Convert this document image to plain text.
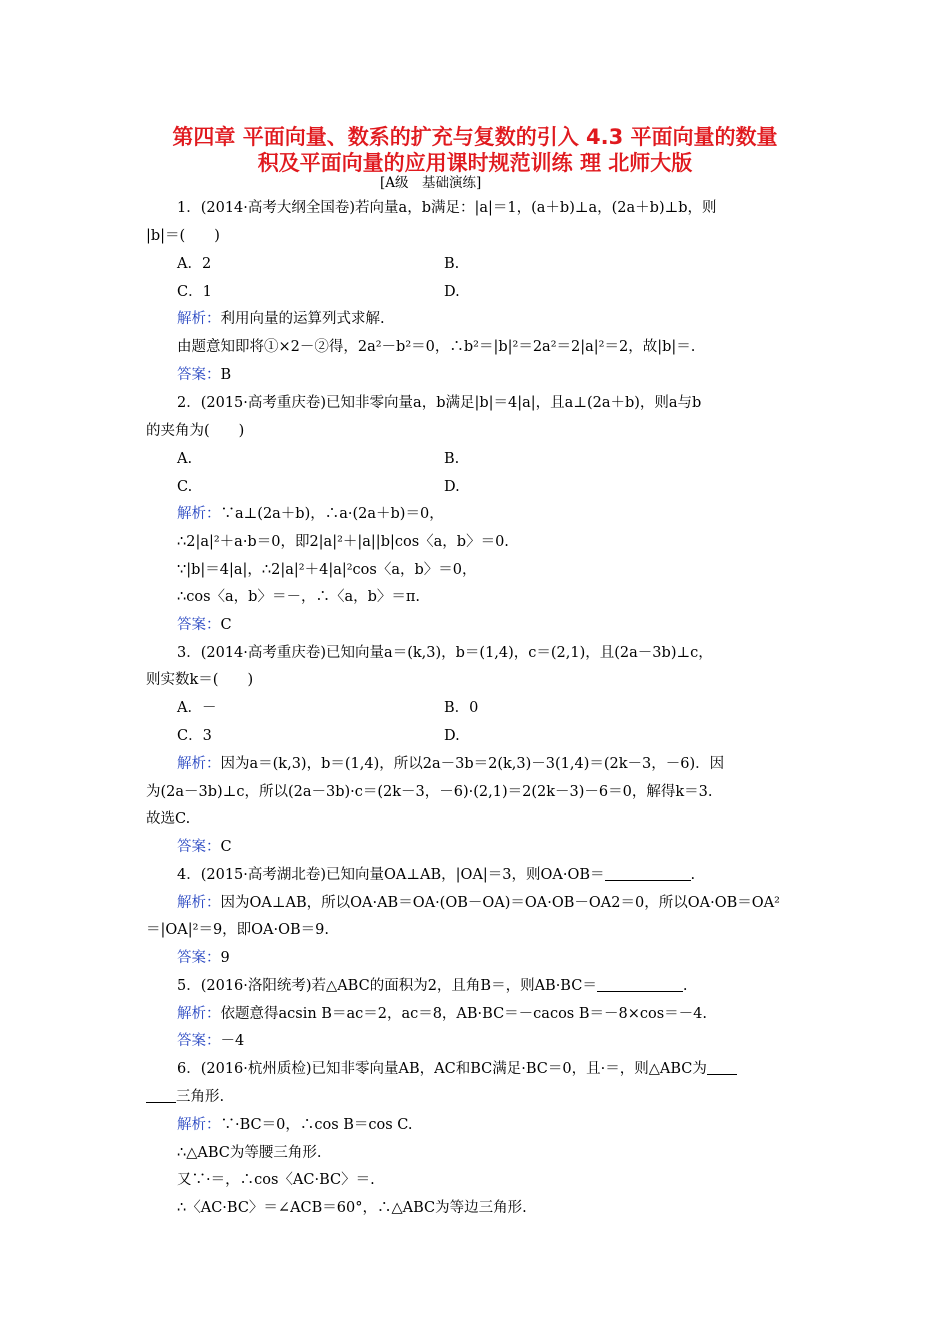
第四章 平面向量、数系的扩充与复数的引入 4.3 平面向量的数量
积及平面向量的应用课时规范训练 理 北师大版
[A级　基础演练]
1．(2014·高考大纲全国卷)若向量a，b满足：|a|＝1，(a＋b)⊥a，(2a＋b)⊥b，则
|b|＝(　　)
A．2	B.
C．1	D.
解析：利用向量的运算列式求解.
由题意知即将①×2－②得，2a²－b²＝0，∴b²＝|b|²＝2a²＝2|a|²＝2，故|b|＝.
答案：B
2．(2015·高考重庆卷)已知非零向量a，b满足|b|＝4|a|，且a⊥(2a＋b)，则a与b
的夹角为(　　)
A.	B.
C.	D.
解析：∵a⊥(2a＋b)，∴a·(2a＋b)＝0，
∴2|a|²＋a·b＝0，即2|a|²＋|a||b|cos〈a，b〉＝0.
∵|b|＝4|a|，∴2|a|²＋4|a|²cos〈a，b〉＝0，
∴cos〈a，b〉＝－，∴〈a，b〉＝π.
答案：C
3．(2014·高考重庆卷)已知向量a＝(k,3)，b＝(1,4)，c＝(2,1)，且(2a－3b)⊥c，
则实数k＝(　　)
A．－	B．0
C．3	D.
解析：因为a＝(k,3)，b＝(1,4)，所以2a－3b＝2(k,3)－3(1,4)＝(2k－3，－6)．因
为(2a－3b)⊥c，所以(2a－3b)·c＝(2k－3，－6)·(2,1)＝2(2k－3)－6＝0，解得k＝3.
故选C.
答案：C
4．(2015·高考湖北卷)已知向量OA⊥AB，|OA|＝3，则OA·OB＝	.
解析：因为OA⊥AB，所以OA·AB＝OA·(OB－OA)＝OA·OB－OA2＝0，所以OA·OB＝OA²
＝|OA|²＝9，即OA·OB＝9.
答案：9
5．(2016·洛阳统考)若△ABC的面积为2，且角B＝，则AB·BC＝	.
解析：依题意得acsin B＝ac＝2，ac＝8，AB·BC＝－cacos B＝－8×cos＝－4.
答案：－4
6．(2016·杭州质检)已知非零向量AB，AC和BC满足·BC＝0，且·＝，则△ABC为
三角形.
解析：∵·BC＝0，∴cos B＝cos C.
∴△ABC为等腰三角形.
又∵·＝，∴cos〈AC·BC〉＝.
∴〈AC·BC〉＝∠ACB＝60°，∴△ABC为等边三角形.
